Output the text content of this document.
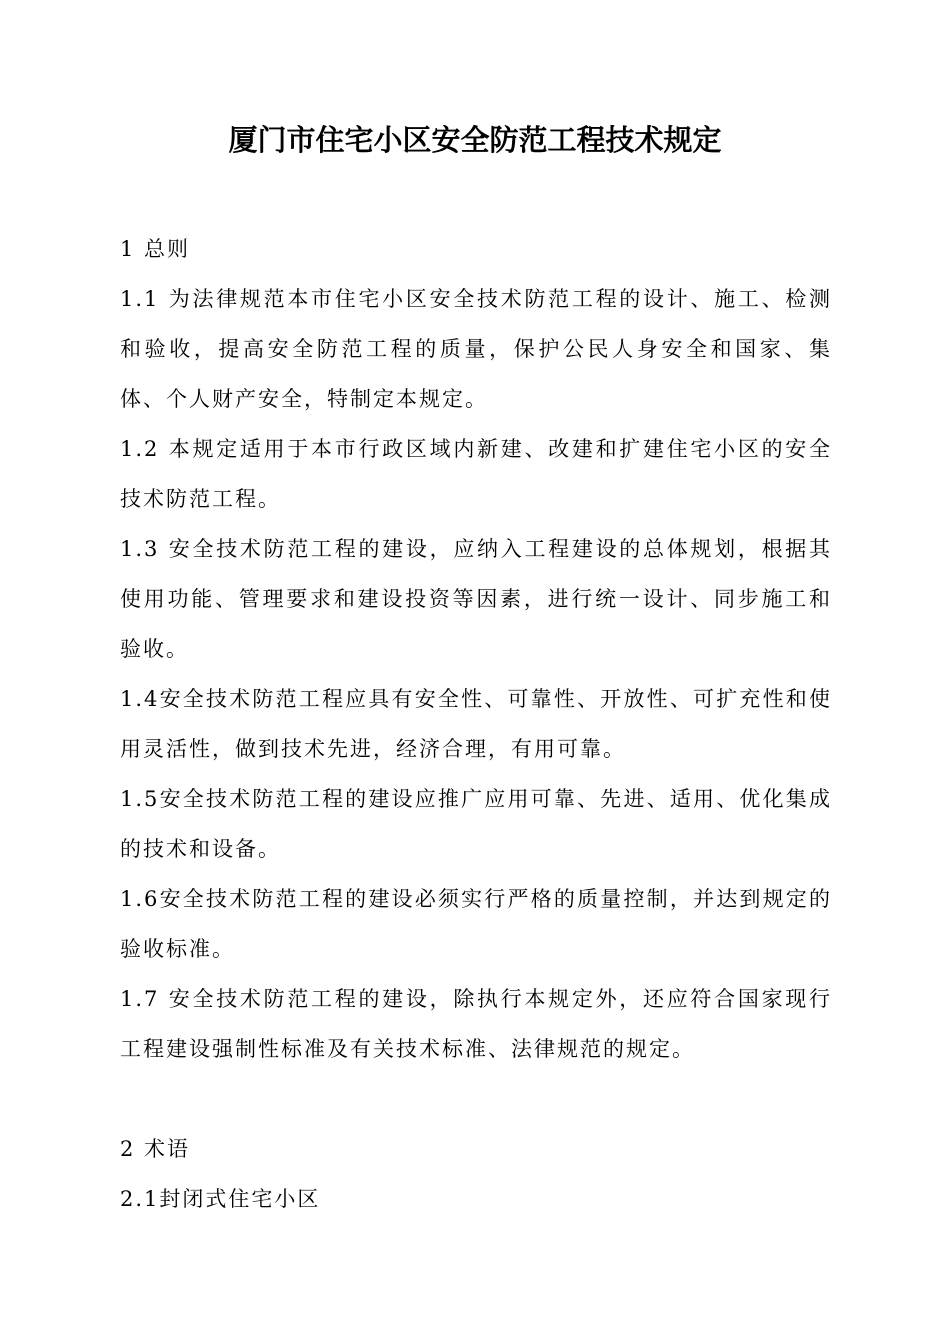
厦门市住宅小区安全防范工程技术规定

1 总则

1.1 为法律规范本市住宅小区安全技术防范工程的设计、施工、检测和验收，提高安全防范工程的质量，保护公民人身安全和国家、集体、个人财产安全，特制定本规定。

1.2 本规定适用于本市行政区域内新建、改建和扩建住宅小区的安全技术防范工程。

1.3 安全技术防范工程的建设，应纳入工程建设的总体规划，根据其使用功能、管理要求和建设投资等因素，进行统一设计、同步施工和验收。

1.4安全技术防范工程应具有安全性、可靠性、开放性、可扩充性和使用灵活性，做到技术先进，经济合理，有用可靠。

1.5安全技术防范工程的建设应推广应用可靠、先进、适用、优化集成的技术和设备。

1.6安全技术防范工程的建设必须实行严格的质量控制，并达到规定的验收标准。

1.7 安全技术防范工程的建设，除执行本规定外，还应符合国家现行工程建设强制性标准及有关技术标准、法律规范的规定。

2 术语

2.1封闭式住宅小区
